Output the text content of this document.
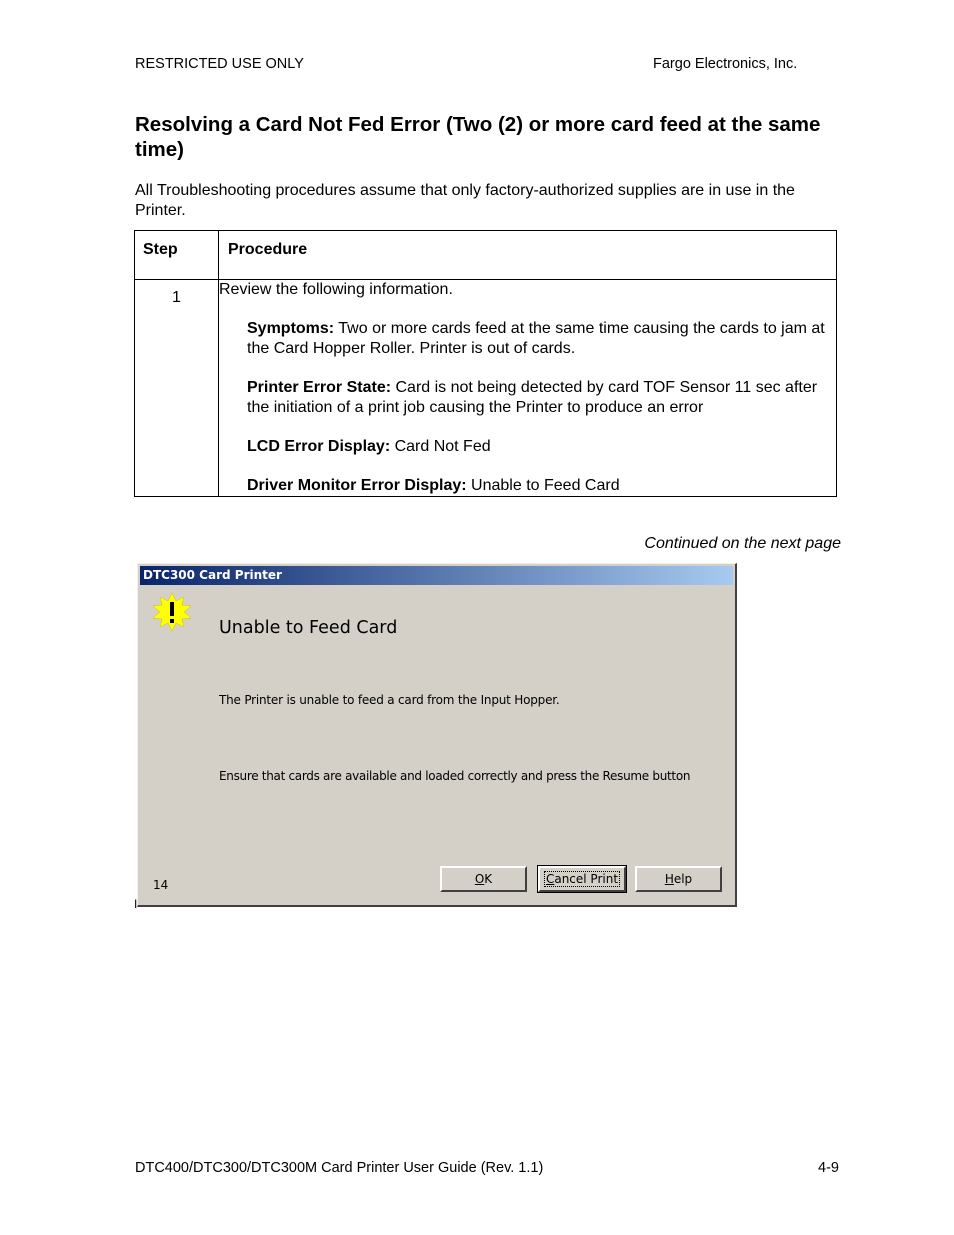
RESTRICTED USE ONLY	Fargo Electronics, Inc.
Resolving a Card Not Fed Error (Two (2) or more card feed at the same time)
All Troubleshooting procedures assume that only factory-authorized supplies are in use in the Printer.
Step	Procedure

1	Review the following information.

Symptoms: Two or more cards feed at the same time causing the cards to jam at the Card Hopper Roller. Printer is out of cards.

Printer Error State: Card is not being detected by card TOF Sensor 11 sec after the initiation of a print job causing the Printer to produce an error

LCD Error Display: Card Not Fed

Driver Monitor Error Display: Unable to Feed Card

Continued on the next page
DTC300 Card Printer
Unable to Feed Card
The Printer is unable to feed a card from the Input Hopper.
Ensure that cards are available and loaded correctly and press the Resume button
14	OK	Cancel Print	Help
I
DTC400/DTC300/DTC300M Card Printer User Guide (Rev. 1.1)	4-9
